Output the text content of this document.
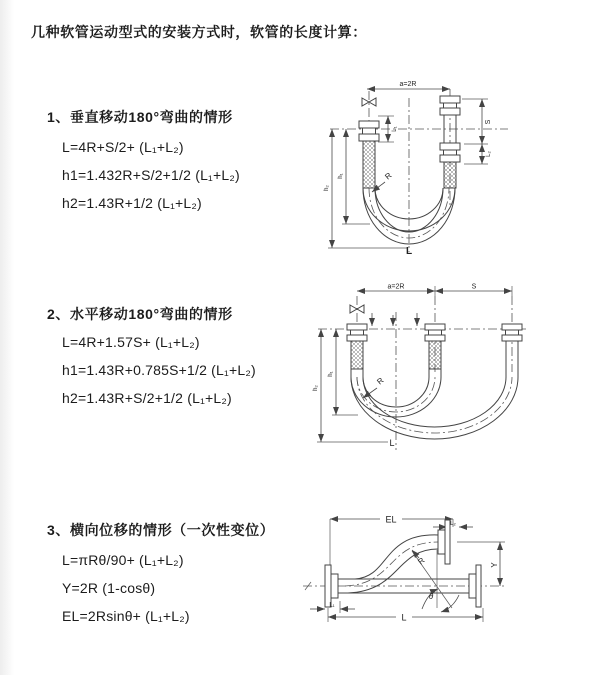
几种软管运动型式的安装方式时，软管的长度计算：
1、垂直移动180°弯曲的情形
L=4R+S/2+ (L₁+L₂)
h1=1.432R+S/2+1/2 (L₁+L₂)
h2=1.43R+1/2 (L₁+L₂)
2、水平移动180°弯曲的情形
L=4R+1.57S+ (L₁+L₂)
h1=1.43R+0.785S+1/2 (L₁+L₂)
h2=1.43R+S/2+1/2 (L₁+L₂)
3、横向位移的情形（一次性变位）
L=πRθ/90+ (L₁+L₂)
Y=2R (1-cosθ)
EL=2Rsinθ+ (L₁+L₂)
a=2R
h₂
h₁
L₁
S
L₂
R
L
a=2R	S
h₁
h₂
R
L
EL	L₂
Y
θ
R
L
L₁
